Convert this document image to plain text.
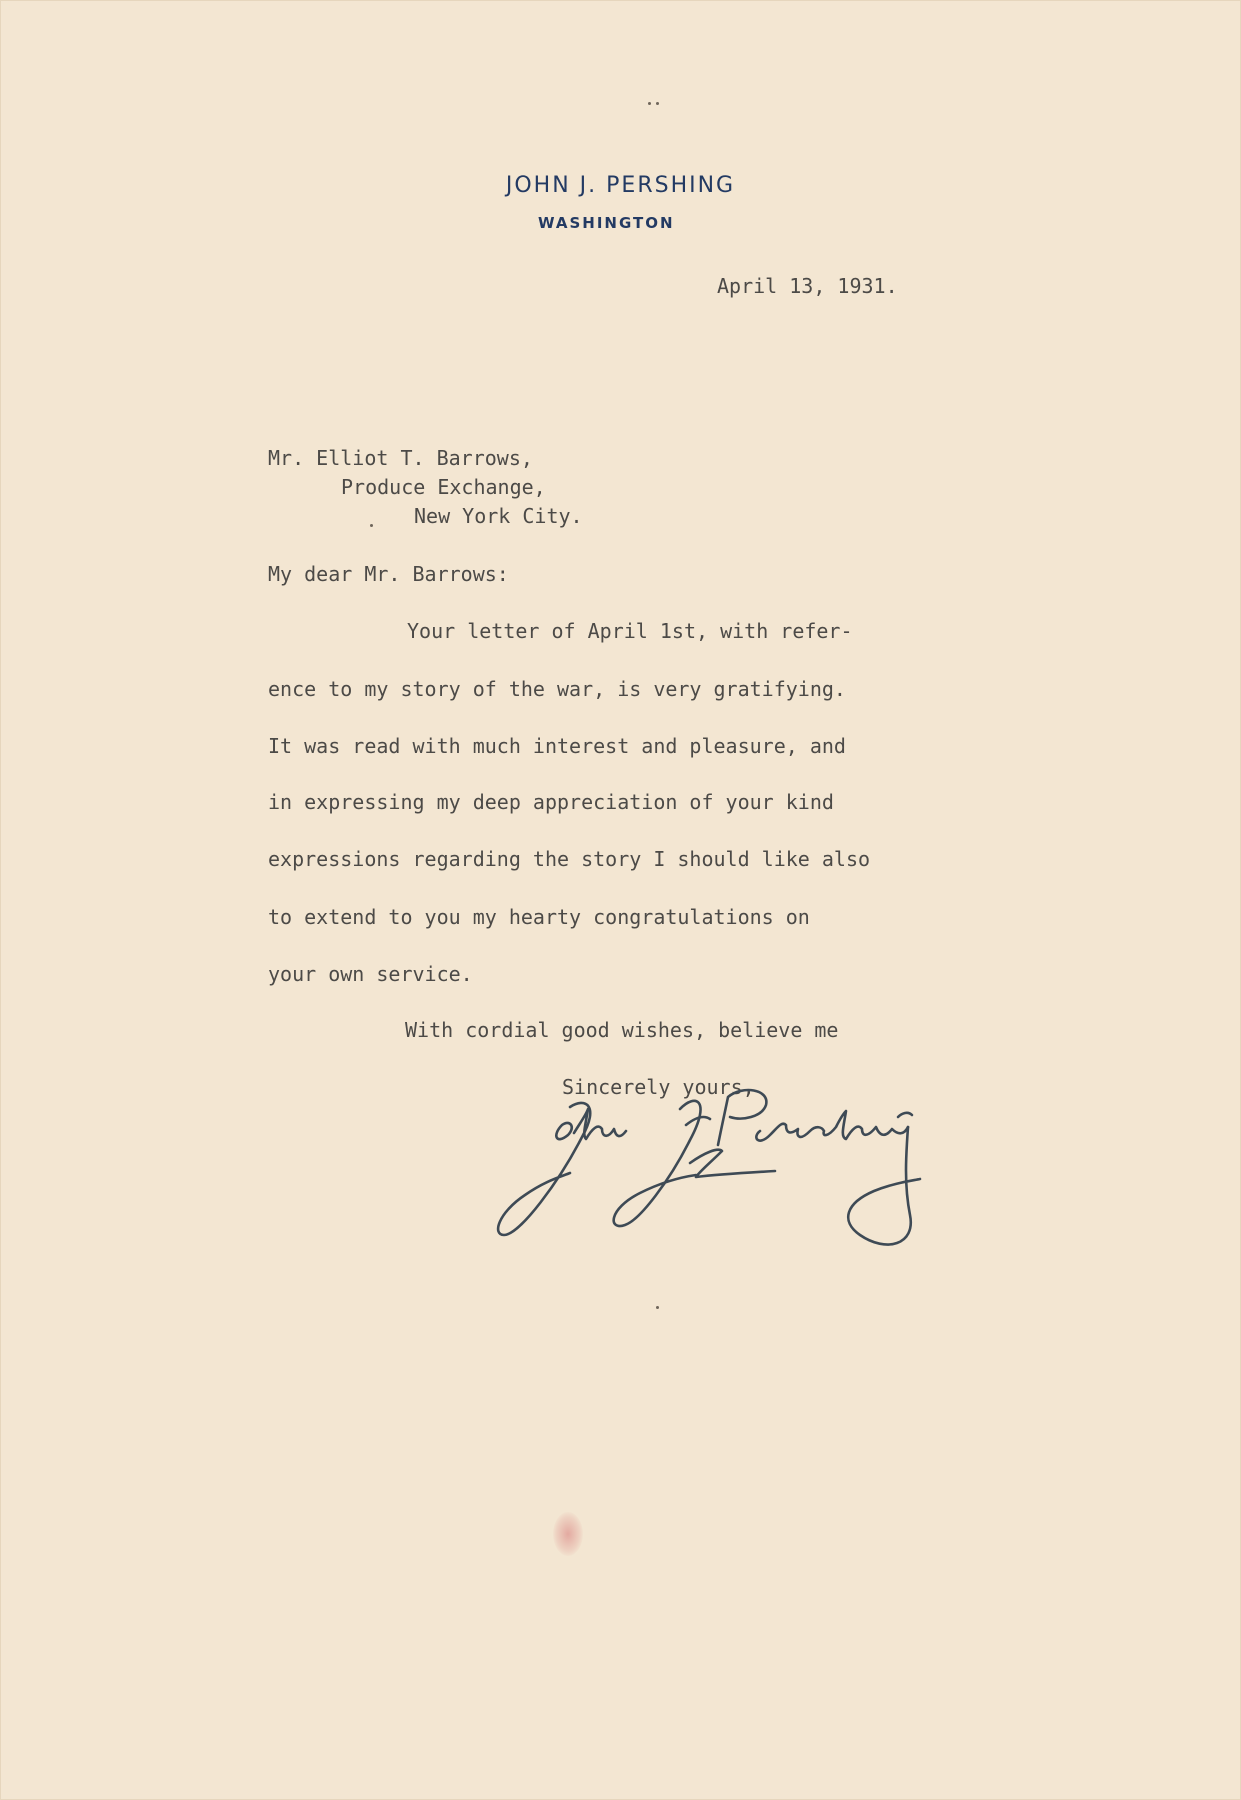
JOHN J. PERSHING
WASHINGTON
April 13, 1931.
Mr. Elliot T. Barrows,
Produce Exchange,
New York City.
My dear Mr. Barrows:
Your letter of April 1st, with refer-
ence to my story of the war, is very gratifying.
It was read with much interest and pleasure, and
in expressing my deep appreciation of your kind
expressions regarding the story I should like also
to extend to you my hearty congratulations on
your own service.
With cordial good wishes, believe me
Sincerely yours,
